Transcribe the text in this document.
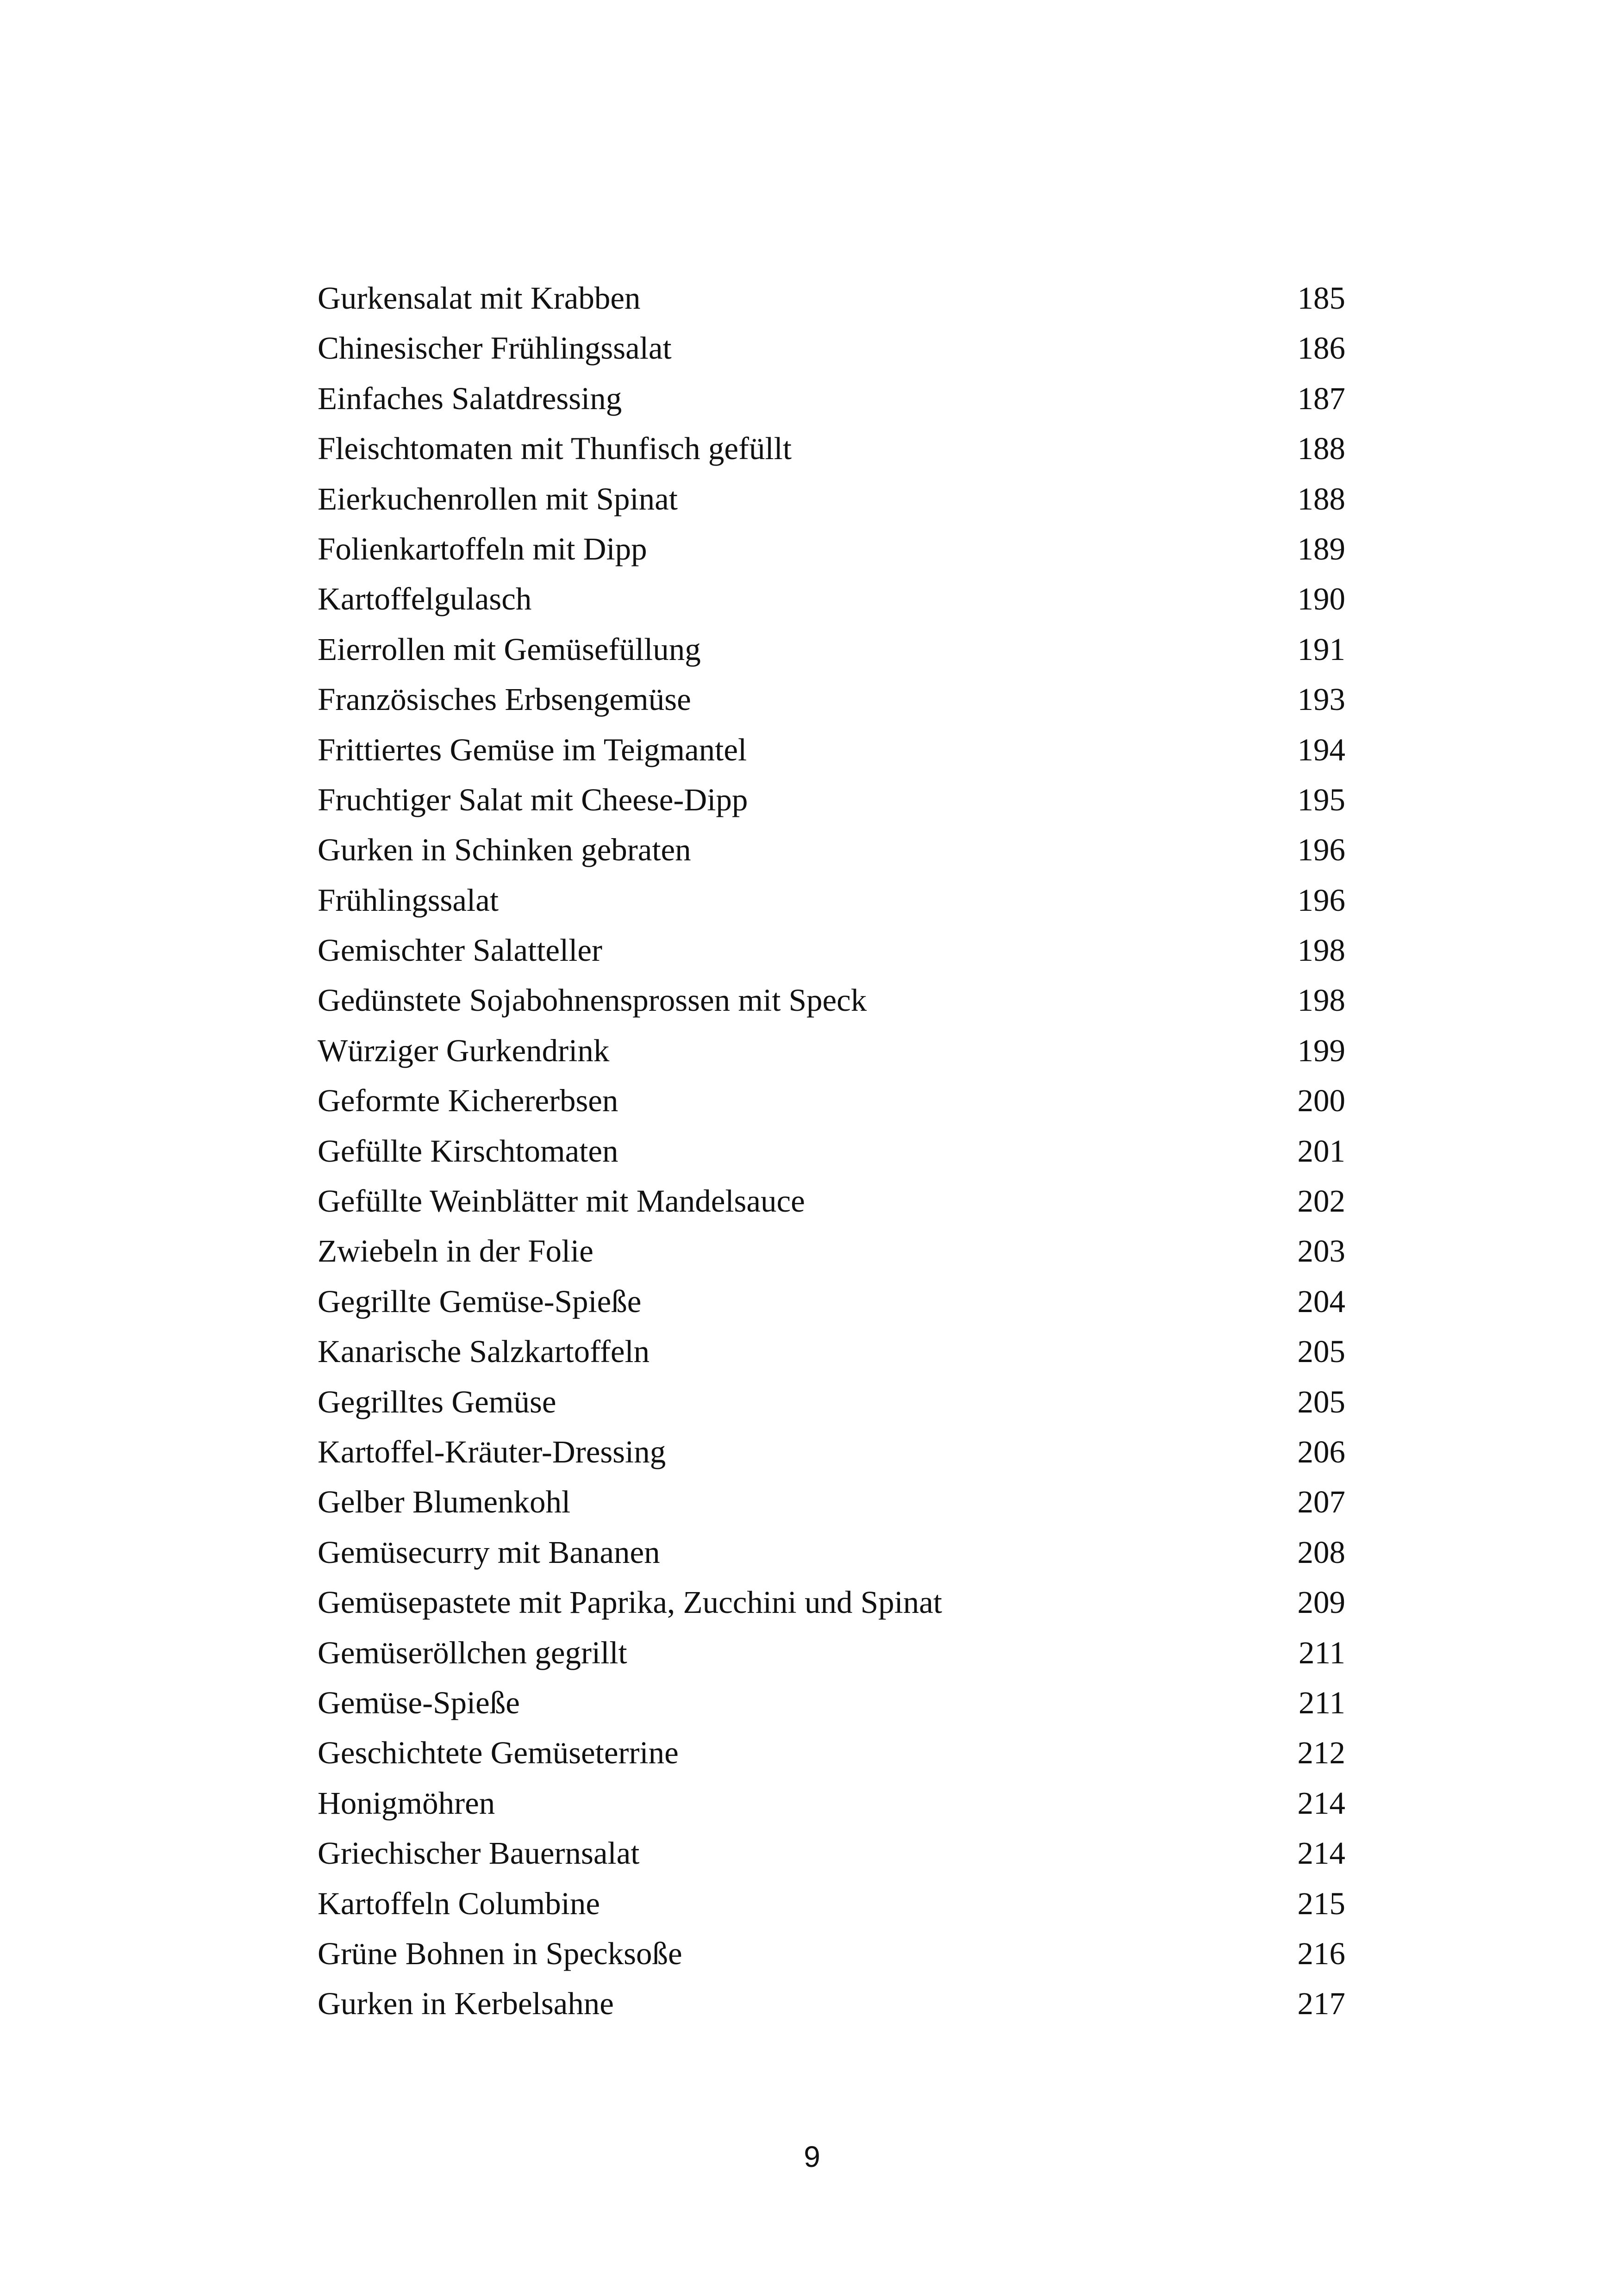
Gurkensalat mit Krabben	185
Chinesischer Frühlingssalat	186
Einfaches Salatdressing	187
Fleischtomaten mit Thunfisch gefüllt	188
Eierkuchenrollen mit Spinat	188
Folienkartoffeln mit Dipp	189
Kartoffelgulasch	190
Eierrollen mit Gemüsefüllung	191
Französisches Erbsengemüse	193
Frittiertes Gemüse im Teigmantel	194
Fruchtiger Salat mit Cheese-Dipp	195
Gurken in Schinken gebraten	196
Frühlingssalat	196
Gemischter Salatteller	198
Gedünstete Sojabohnensprossen mit Speck	198
Würziger Gurkendrink	199
Geformte Kichererbsen	200
Gefüllte Kirschtomaten	201
Gefüllte Weinblätter mit Mandelsauce	202
Zwiebeln in der Folie	203
Gegrillte Gemüse-Spieße	204
Kanarische Salzkartoffeln	205
Gegrilltes Gemüse	205
Kartoffel-Kräuter-Dressing	206
Gelber Blumenkohl	207
Gemüsecurry mit Bananen	208
Gemüsepastete mit Paprika, Zucchini und Spinat	209
Gemüseröllchen gegrillt	211
Gemüse-Spieße	211
Geschichtete Gemüseterrine	212
Honigmöhren	214
Griechischer Bauernsalat	214
Kartoffeln Columbine	215
Grüne Bohnen in Specksoße	216
Gurken in Kerbelsahne	217
9
